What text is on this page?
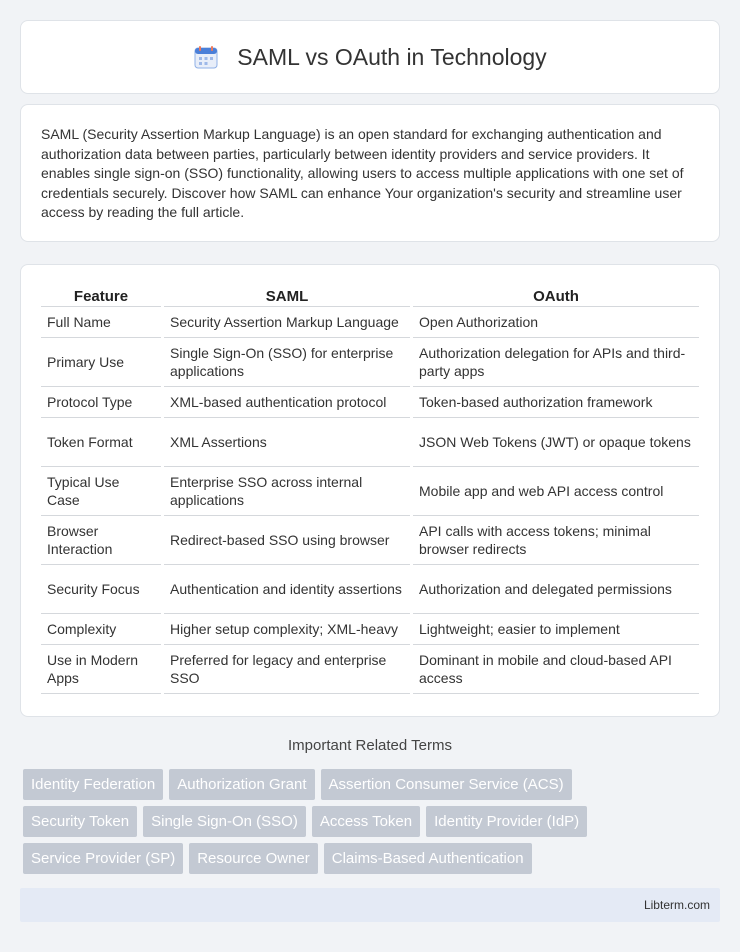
SAML vs OAuth in Technology

SAML (Security Assertion Markup Language) is an open standard for exchanging authentication and authorization data between parties, particularly between identity providers and service providers. It enables single sign-on (SSO) functionality, allowing users to access multiple applications with one set of credentials securely. Discover how SAML can enhance Your organization's security and streamline user access by reading the full article.

Feature	SAML	OAuth
Full Name	Security Assertion Markup Language	Open Authorization
Primary Use	Single Sign-On (SSO) for enterprise applications	Authorization delegation for APIs and third-party apps
Protocol Type	XML-based authentication protocol	Token-based authorization framework
Token Format	XML Assertions	JSON Web Tokens (JWT) or opaque tokens
Typical Use Case	Enterprise SSO across internal applications	Mobile app and web API access control
Browser Interaction	Redirect-based SSO using browser	API calls with access tokens; minimal browser redirects
Security Focus	Authentication and identity assertions	Authorization and delegated permissions
Complexity	Higher setup complexity; XML-heavy	Lightweight; easier to implement
Use in Modern Apps	Preferred for legacy and enterprise SSO	Dominant in mobile and cloud-based API access
Important Related Terms
Identity Federation	Authorization Grant	Assertion Consumer Service (ACS)
Security Token	Single Sign-On (SSO)	Access Token	Identity Provider (IdP)
Service Provider (SP)	Resource Owner	Claims-Based Authentication
Libterm.com
